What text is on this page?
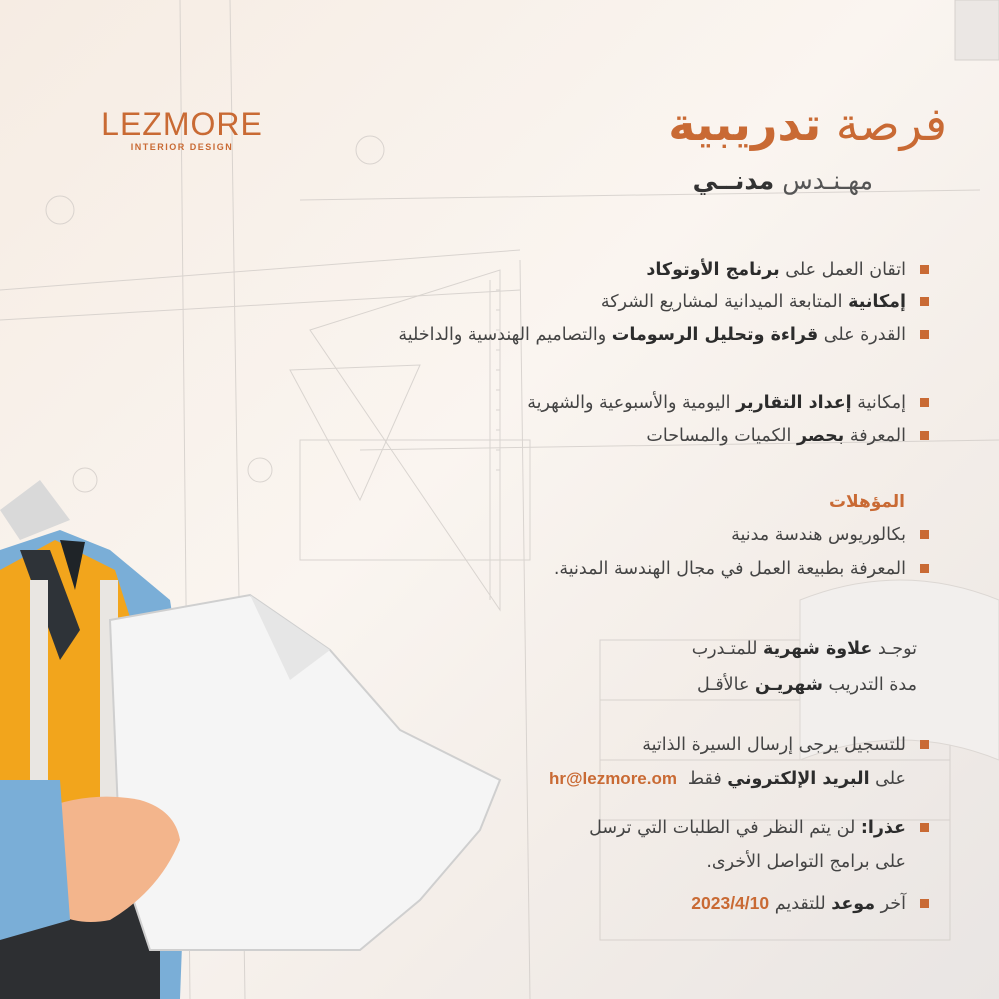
LEZMORE
INTERIOR DESIGN	فرصة تدريبية
مهـنـدس مدنــي
اتقان العمل على برنامج الأوتوكاد
إمكانية المتابعة الميدانية لمشاريع الشركة
القدرة على قراءة وتحليل الرسومات والتصاميم الهندسية والداخلية
إمكانية إعداد التقارير اليومية والأسبوعية والشهرية
المعرفة بحصر الكميات والمساحات
المؤهلات
بكالوريوس هندسة مدنية
المعرفة بطبيعة العمل في مجال الهندسة المدنية.
توجـد علاوة شهرية للمتـدرب
مدة التدريب شهريـن عالأقـل
للتسجيل يرجى إرسال السيرة الذاتية
على البريد الإلكتروني فقط
hr@lezmore.om
عذرا: لن يتم النظر في الطلبات التي ترسل
على برامج التواصل الأخرى.
آخر موعد للتقديم 2023/4/10
